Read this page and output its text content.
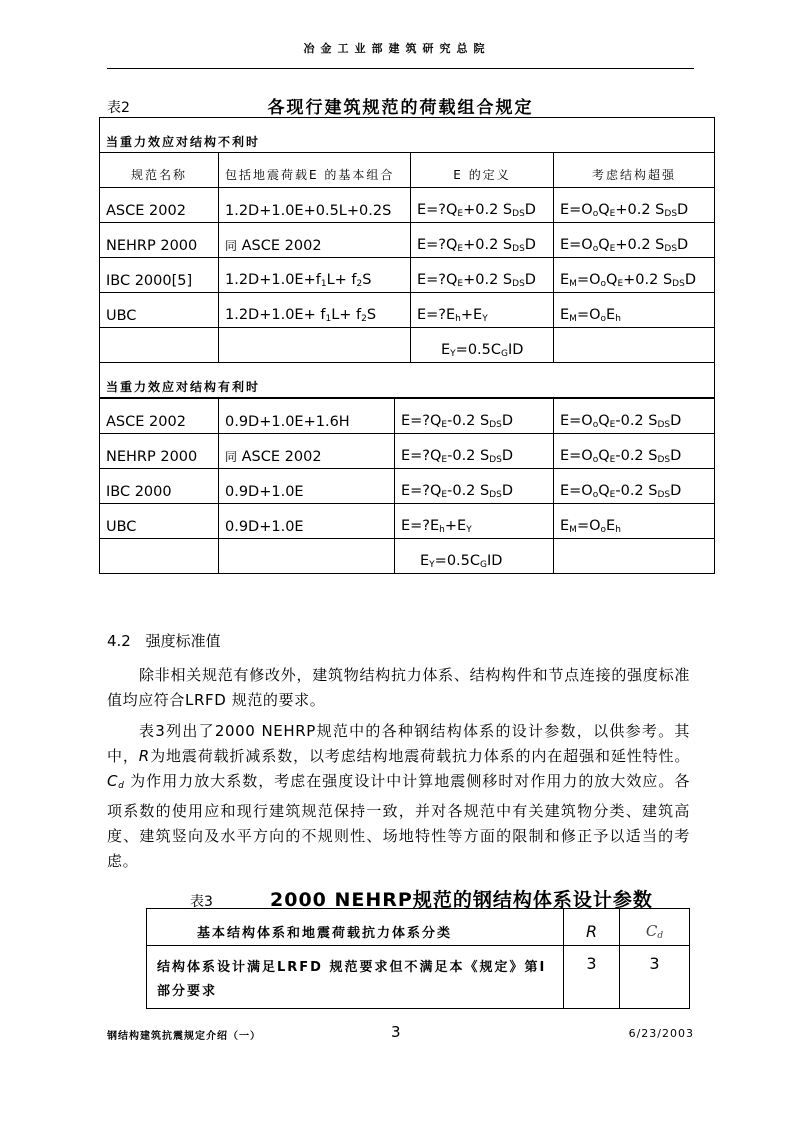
冶金工业部建筑研究总院
表2	各现行建筑规范的荷载组合规定
当重力效应对结构不利时			
规范名称	包括地震荷载E 的基本组合	E 的定义	考虑结构超强
ASCE 2002	1.2D+1.0E+0.5L+0.2S	$E=?Q_E+0.2$ $S_{DS}D$	$E=O_oQ_E+0.2$ $S_{DS}D$
NEHRP 2000	同 ASCE 2002	$E=?Q_E+0.2$ $S_{DS}D$	$E=O_oQ_E+0.2$ $S_{DS}D$
IBC 2000[5]	$1.2D+1.0E+f_1L+ f_2S$	$E=?Q_E+0.2$ $S_{DS}D$	$E_M=O_oQ_E+0.2$ $S_{DS}D$
UBC	$1.2D+1.0E+ f_1L+ f_2S$	$E=?E_h+E_Y$	$E_M=O_oE_h$
		$E_Y=0.5C_GID$	
当重力效应对结构有利时			
ASCE 2002	0.9D+1.0E+1.6H	$E=?Q_E-0.2$ $S_{DS}D$	$E=O_oQ_E-0.2$ $S_{DS}D$
NEHRP 2000	同 ASCE 2002	$E=?Q_E-0.2$ $S_{DS}D$	$E=O_oQ_E-0.2$ $S_{DS}D$
IBC 2000	0.9D+1.0E	$E=?Q_E-0.2$ $S_{DS}D$	$E=O_oQ_E-0.2$ $S_{DS}D$
UBC	0.9D+1.0E	$E=?E_h+E_Y$	$E_M=O_oE_h$
		$E_Y=0.5C_GID$	
4.2 强度标准值

除非相关规范有修改外，建筑物结构抗力体系、结构构件和节点连接的强度标准值均应符合LRFD 规范的要求。

表3列出了2000 NEHRP规范中的各种钢结构体系的设计参数，以供参考。其中，R为地震荷载折减系数，以考虑结构地震荷载抗力体系的内在超强和延性特性。$C_d$ 为作用力放大系数，考虑在强度设计中计算地震侧移时对作用力的放大效应。各项系数的使用应和现行建筑规范保持一致，并对各规范中有关建筑物分类、建筑高度、建筑竖向及水平方向的不规则性、场地特性等方面的限制和修正予以适当的考虑。

表3	2000 NEHRP规范的钢结构体系设计参数
基本结构体系和地震荷载抗力体系分类	R	$C_d$
结构体系设计满足LRFD 规范要求但不满足本《规定》第Ⅰ部分要求	3	3
钢结构建筑抗震规定介绍（一）	3	6/23/2003
